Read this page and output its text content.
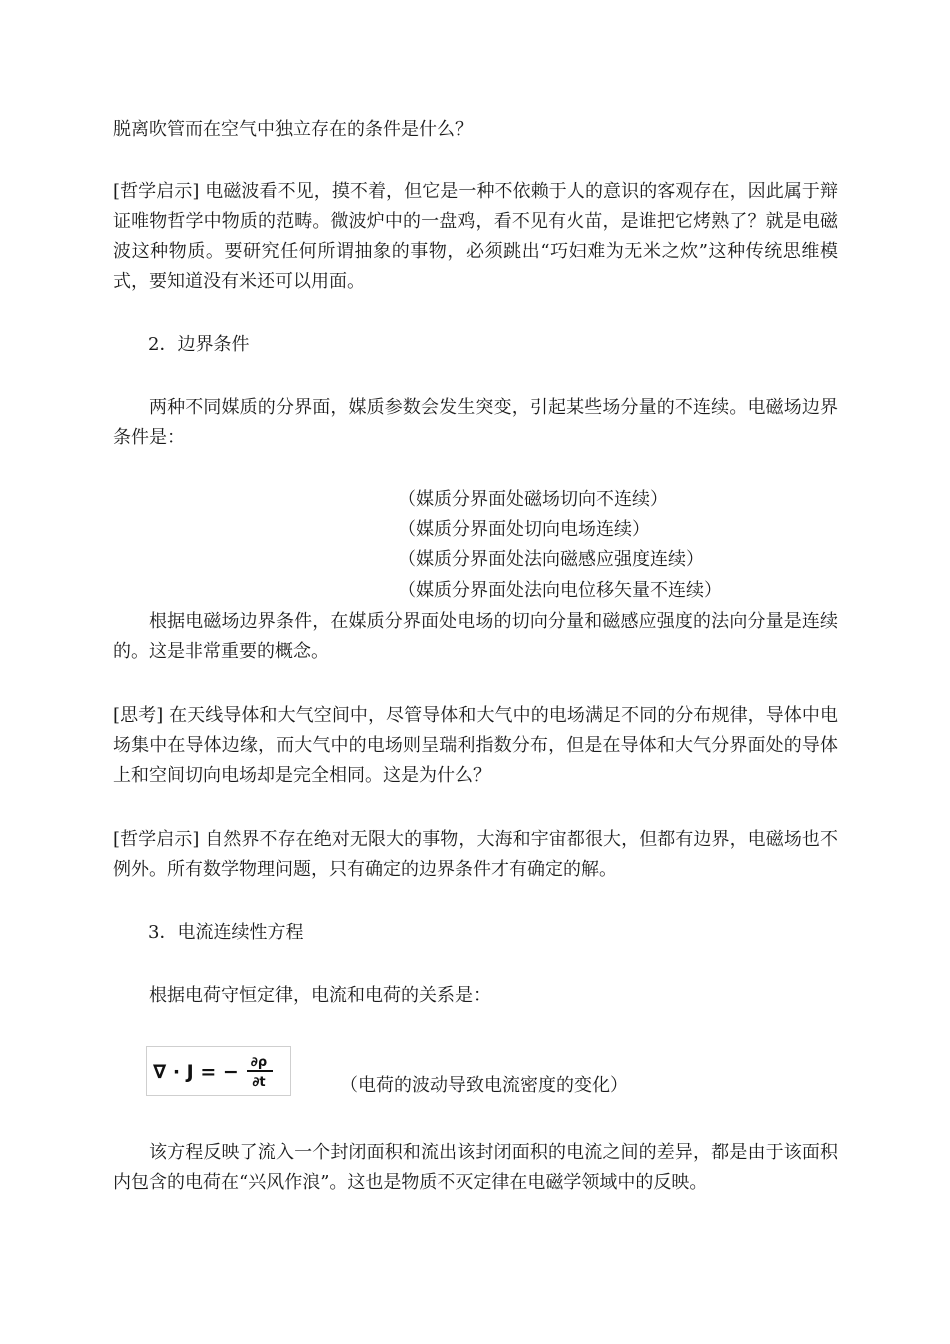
脱离吹管而在空气中独立存在的条件是什么？

[哲学启示] 电磁波看不见，摸不着，但它是一种不依赖于人的意识的客观存在，因此属于辩证唯物哲学中物质的范畴。微波炉中的一盘鸡，看不见有火苗，是谁把它烤熟了？就是电磁波这种物质。要研究任何所谓抽象的事物，必须跳出“巧妇难为无米之炊”这种传统思维模式，要知道没有米还可以用面。

2．边界条件

两种不同媒质的分界面，媒质参数会发生突变，引起某些场分量的不连续。电磁场边界条件是：

（媒质分界面处磁场切向不连续）

（媒质分界面处切向电场连续）

（媒质分界面处法向磁感应强度连续）

（媒质分界面处法向电位移矢量不连续）

根据电磁场边界条件，在媒质分界面处电场的切向分量和磁感应强度的法向分量是连续的。这是非常重要的概念。

[思考] 在天线导体和大气空间中，尽管导体和大气中的电场满足不同的分布规律，导体中电场集中在导体边缘，而大气中的电场则呈瑞利指数分布，但是在导体和大气分界面处的导体上和空间切向电场却是完全相同。这是为什么？

[哲学启示] 自然界不存在绝对无限大的事物，大海和宇宙都很大，但都有边界，电磁场也不例外。所有数学物理问题，只有确定的边界条件才有确定的解。

3．电流连续性方程

根据电荷守恒定律，电流和电荷的关系是：

∇ · J = − ∂ρ
∂t	（电荷的波动导致电流密度的变化）

该方程反映了流入一个封闭面积和流出该封闭面积的电流之间的差异，都是由于该面积内包含的电荷在“兴风作浪”。这也是物质不灭定律在电磁学领域中的反映。
